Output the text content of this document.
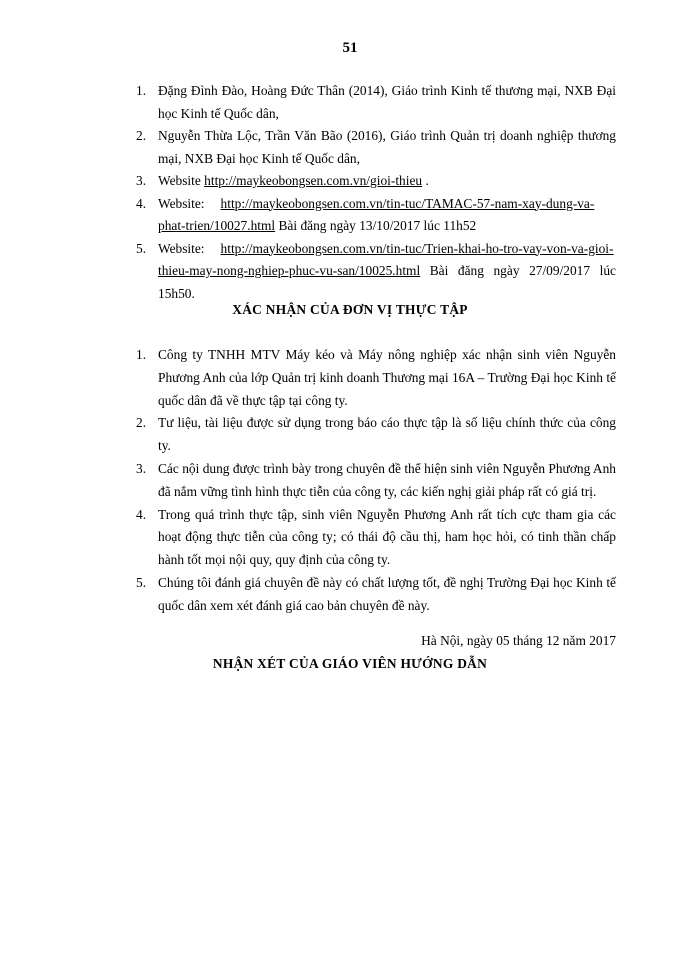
51
1. Đặng Đình Đào, Hoàng Đức Thân (2014), Giáo trình Kinh tế thương mại, NXB Đại học Kinh tế Quốc dân,
2. Nguyễn Thừa Lộc, Trần Văn Bão (2016), Giáo trình Quản trị doanh nghiệp thương mại, NXB Đại học Kinh tế Quốc dân,
3. Website http://maykeobongsen.com.vn/gioi-thieu .
4. Website: http://maykeobongsen.com.vn/tin-tuc/TAMAC-57-nam-xay-dung-va-phat-trien/10027.html Bài đăng ngày 13/10/2017 lúc 11h52
5. Website: http://maykeobongsen.com.vn/tin-tuc/Trien-khai-ho-tro-vay-von-va-gioi-thieu-may-nong-nghiep-phuc-vu-san/10025.html Bài đăng ngày 27/09/2017 lúc 15h50.
XÁC NHẬN CỦA ĐƠN VỊ THỰC TẬP
1. Công ty TNHH MTV Máy kéo và Máy nông nghiệp xác nhận sinh viên Nguyễn Phương Anh của lớp Quản trị kinh doanh Thương mại 16A – Trường Đại học Kinh tế quốc dân đã về thực tập tại công ty.
2. Tư liệu, tài liệu được sử dụng trong báo cáo thực tập là số liệu chính thức của công ty.
3. Các nội dung được trình bày trong chuyên đề thể hiện sinh viên Nguyễn Phương Anh đã nắm vững tình hình thực tiễn của công ty, các kiến nghị giải pháp rất có giá trị.
4. Trong quá trình thực tập, sinh viên Nguyễn Phương Anh rất tích cực tham gia các hoạt động thực tiễn của công ty; có thái độ cầu thị, ham học hỏi, có tinh thần chấp hành tốt mọi nội quy, quy định của công ty.
5. Chúng tôi đánh giá chuyên đề này có chất lượng tốt, đề nghị Trường Đại học Kinh tế quốc dân xem xét đánh giá cao bản chuyên đề này.
Hà Nội, ngày 05 tháng 12 năm 2017
NHẬN XÉT CỦA GIÁO VIÊN HƯỚNG DẪN
